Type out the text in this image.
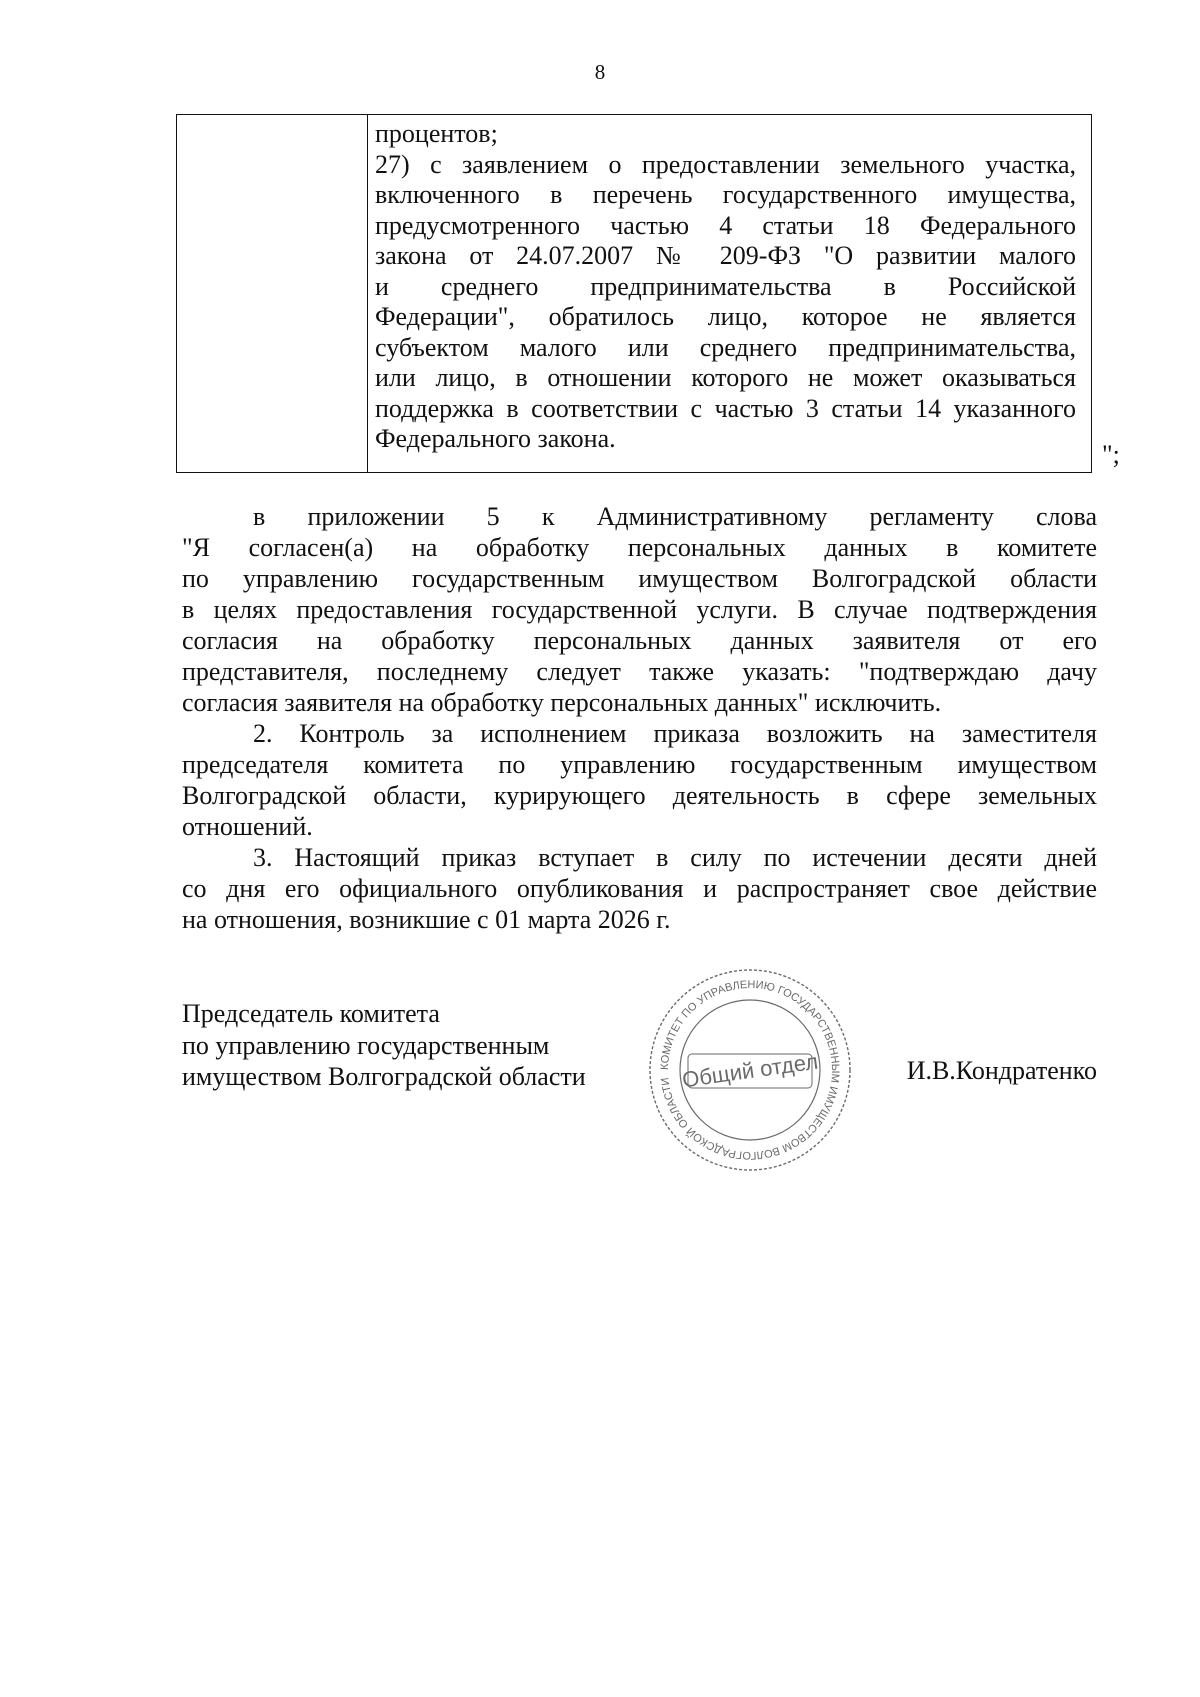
8
процентов;
27) с заявлением о предоставлении земельного участка,
включенного в перечень государственного имущества,
предусмотренного частью 4 статьи 18 Федерального
закона от 24.07.2007 № 209-ФЗ "О развитии малого
и среднего предпринимательства в Российской
Федерации", обратилось лицо, которое не является
субъектом малого или среднего предпринимательства,
или лицо, в отношении которого не может оказываться
поддержка в соответствии с частью 3 статьи 14 указанного
Федерального закона.
";
в приложении 5 к Административному регламенту слова
"Я согласен(а) на обработку персональных данных в комитете
по управлению государственным имуществом Волгоградской области
в целях предоставления государственной услуги. В случае подтверждения
согласия на обработку персональных данных заявителя от его
представителя, последнему следует также указать: "подтверждаю дачу
согласия заявителя на обработку персональных данных" исключить.
2. Контроль за исполнением приказа возложить на заместителя
председателя комитета по управлению государственным имуществом
Волгоградской области, курирующего деятельность в сфере земельных
отношений.
3. Настоящий приказ вступает в силу по истечении десяти дней
со дня его официального опубликования и распространяет свое действие
на отношения, возникшие с 01 марта 2026 г.
Председатель комитета
по управлению государственным
имуществом Волгоградской области	И.В.Кондратенко
КОМИТЕТ ПО УПРАВЛЕНИЮ ГОСУДАРСТВЕННЫМ ИМУЩЕСТВОМ ВОЛГОГРАДСКОЙ ОБЛАСТИ Общий отдел
